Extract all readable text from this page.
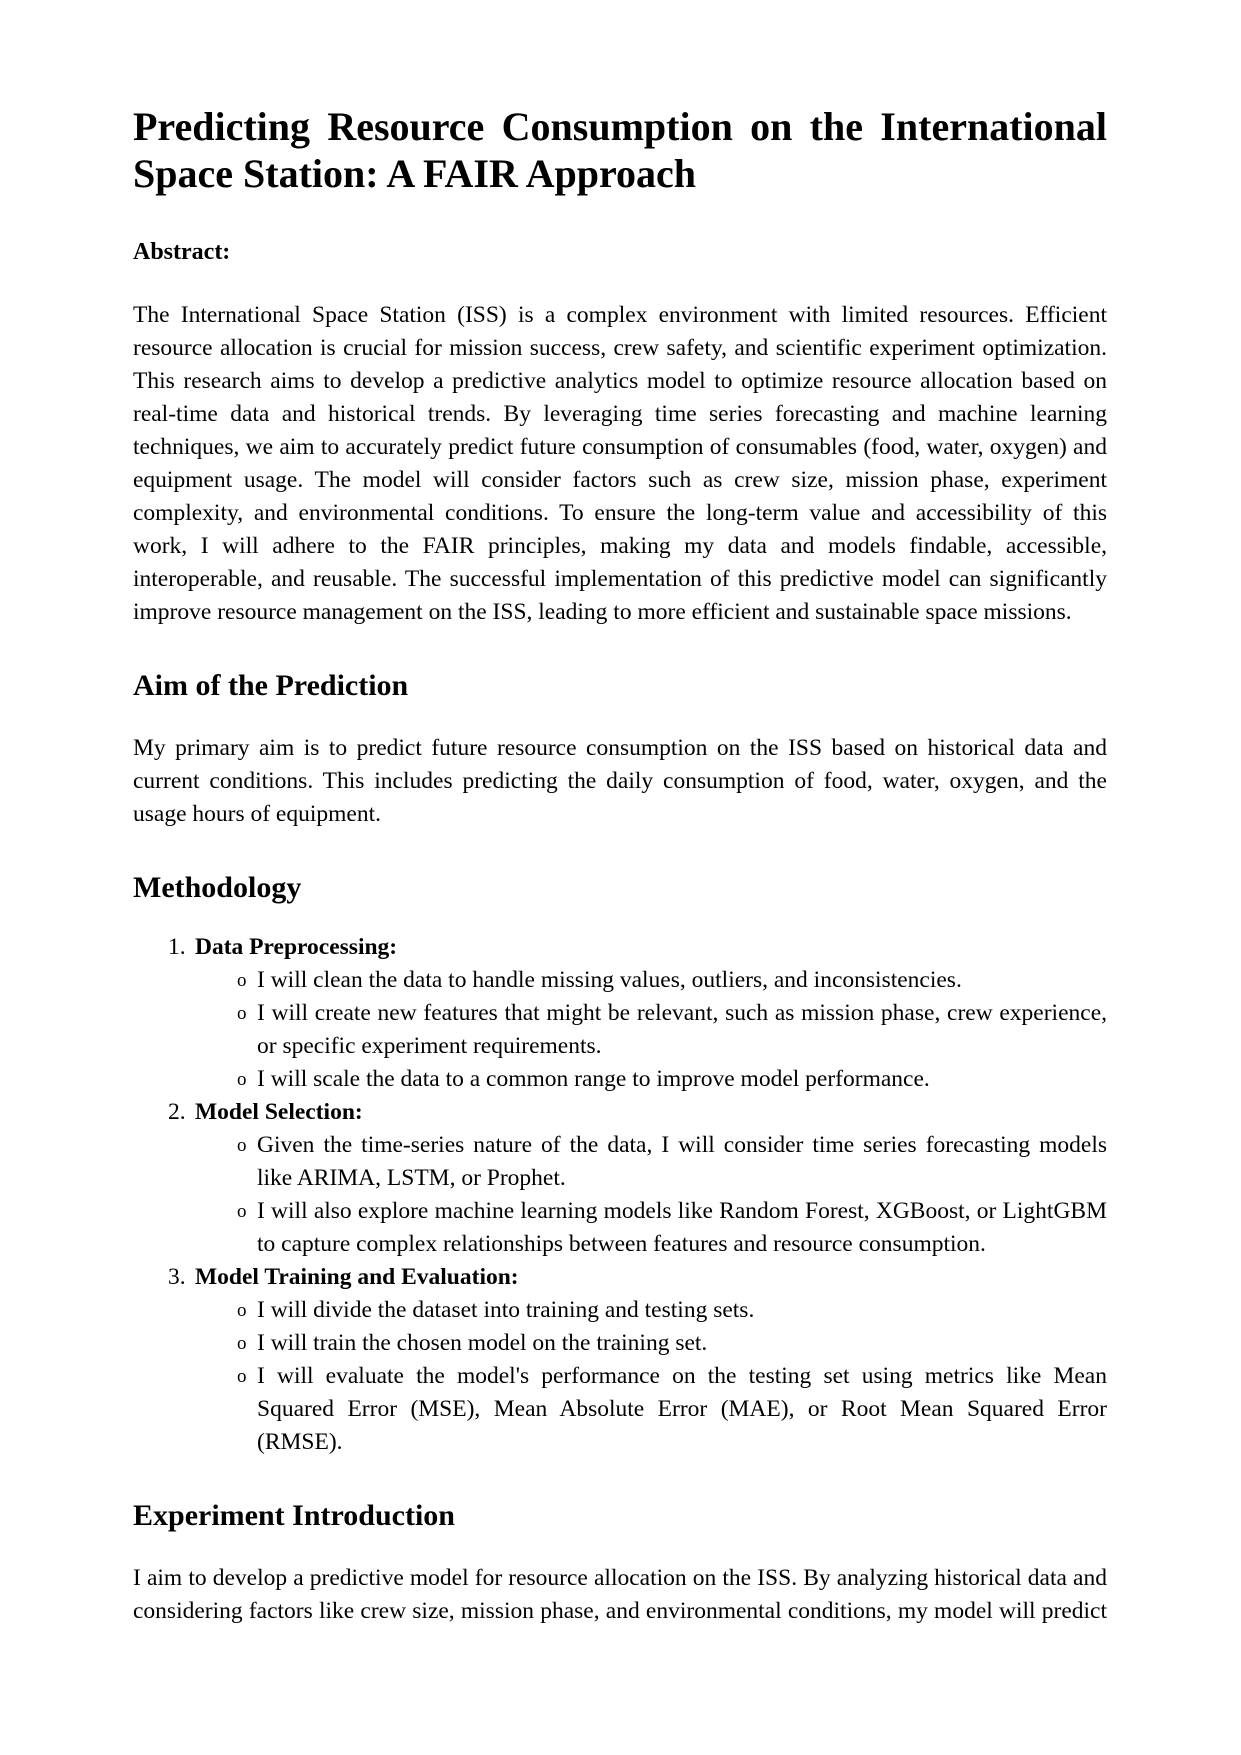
Predicting Resource Consumption on the International
Space Station: A FAIR Approach
Abstract:
The International Space Station (ISS) is a complex environment with limited resources. Efficient resource allocation is crucial for mission success, crew safety, and scientific experiment optimization. This research aims to develop a predictive analytics model to optimize resource allocation based on real-time data and historical trends. By leveraging time series forecasting and machine learning techniques, we aim to accurately predict future consumption of consumables (food, water, oxygen) and equipment usage. The model will consider factors such as crew size, mission phase, experiment complexity, and environmental conditions. To ensure the long-term value and accessibility of this work, I will adhere to the FAIR principles, making my data and models findable, accessible, interoperable, and reusable. The successful implementation of this predictive model can significantly improve resource management on the ISS, leading to more efficient and sustainable space missions.
Aim of the Prediction
My primary aim is to predict future resource consumption on the ISS based on historical data and current conditions. This includes predicting the daily consumption of food, water, oxygen, and the usage hours of equipment.
Methodology
1. Data Preprocessing:
o I will clean the data to handle missing values, outliers, and inconsistencies.
o I will create new features that might be relevant, such as mission phase, crew experience, or specific experiment requirements.
o I will scale the data to a common range to improve model performance.
2. Model Selection:
o Given the time-series nature of the data, I will consider time series forecasting models like ARIMA, LSTM, or Prophet.
o I will also explore machine learning models like Random Forest, XGBoost, or LightGBM to capture complex relationships between features and resource consumption.
3. Model Training and Evaluation:
o I will divide the dataset into training and testing sets.
o I will train the chosen model on the training set.
o I will evaluate the model's performance on the testing set using metrics like Mean Squared Error (MSE), Mean Absolute Error (MAE), or Root Mean Squared Error (RMSE).
Experiment Introduction
I aim to develop a predictive model for resource allocation on the ISS. By analyzing historical data and considering factors like crew size, mission phase, and environmental conditions, my model will predict
